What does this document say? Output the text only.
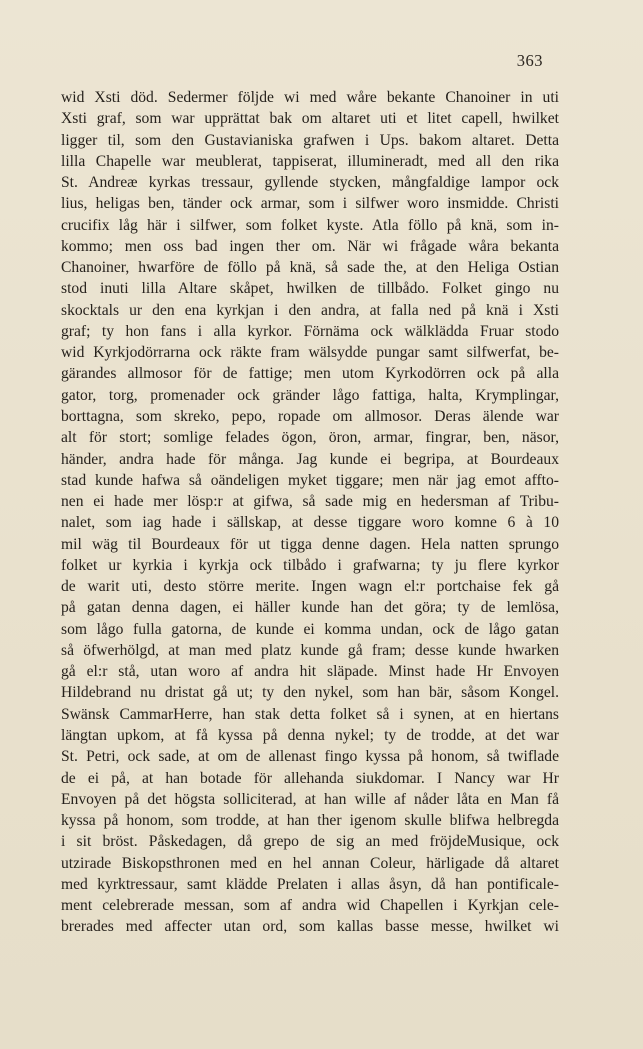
363
wid Xsti död. Sedermer följde wi med wåre bekante Chanoiner in uti
Xsti graf, som war upprättat bak om altaret uti et litet capell, hwilket
ligger til, som den Gustavianiska grafwen i Ups. bakom altaret. Detta
lilla Chapelle war meublerat, tappiserat, illumineradt, med all den rika
St. Andreæ kyrkas tressaur, gyllende stycken, mångfaldige lampor ock
lius, heligas ben, tänder ock armar, som i silfwer woro insmidde. Christi
crucifix låg här i silfwer, som folket kyste. Atla föllo på knä, som in-
kommo; men oss bad ingen ther om. När wi frågade wåra bekanta
Chanoiner, hwarföre de föllo på knä, så sade the, at den Heliga Ostian
stod inuti lilla Altare skåpet, hwilken de tillbådo. Folket gingo nu
skocktals ur den ena kyrkjan i den andra, at falla ned på knä i Xsti
graf; ty hon fans i alla kyrkor. Förnäma ock wälklädda Fruar stodo
wid Kyrkjodörrarna ock räkte fram wälsydde pungar samt silfwerfat, be-
gärandes allmosor för de fattige; men utom Kyrkodörren ock på alla
gator, torg, promenader ock gränder lågo fattiga, halta, Krymplingar,
borttagna, som skreko, pepo, ropade om allmosor. Deras älende war
alt för stort; somlige felades ögon, öron, armar, fingrar, ben, näsor,
händer, andra hade för många. Jag kunde ei begripa, at Bourdeaux
stad kunde hafwa så oändeligen myket tiggare; men när jag emot affto-
nen ei hade mer lösp:r at gifwa, så sade mig en hedersman af Tribu-
nalet, som iag hade i sällskap, at desse tiggare woro komne 6 à 10
mil wäg til Bourdeaux för ut tigga denne dagen. Hela natten sprungo
folket ur kyrkia i kyrkja ock tilbådo i grafwarna; ty ju flere kyrkor
de warit uti, desto större merite. Ingen wagn el:r portchaise fek gå
på gatan denna dagen, ei häller kunde han det göra; ty de lemlösa,
som lågo fulla gatorna, de kunde ei komma undan, ock de lågo gatan
så öfwerhölgd, at man med platz kunde gå fram; desse kunde hwarken
gå el:r stå, utan woro af andra hit släpade. Minst hade Hr Envoyen
Hildebrand nu dristat gå ut; ty den nykel, som han bär, såsom Kongel.
Swänsk CammarHerre, han stak detta folket så i synen, at en hiertans
längtan upkom, at få kyssa på denna nykel; ty de trodde, at det war
St. Petri, ock sade, at om de allenast fingo kyssa på honom, så twiflade
de ei på, at han botade för allehanda siukdomar. I Nancy war Hr
Envoyen på det högsta solliciterad, at han wille af nåder låta en Man få
kyssa på honom, som trodde, at han ther igenom skulle blifwa helbregda
i sit bröst. Påskedagen, då grepo de sig an med fröjdeMusique, ock
utzirade Biskopsthronen med en hel annan Coleur, härligade då altaret
med kyrktressaur, samt klädde Prelaten i allas åsyn, då han pontificale-
ment celebrerade messan, som af andra wid Chapellen i Kyrkjan cele-
brerades med affecter utan ord, som kallas basse messe, hwilket wi
